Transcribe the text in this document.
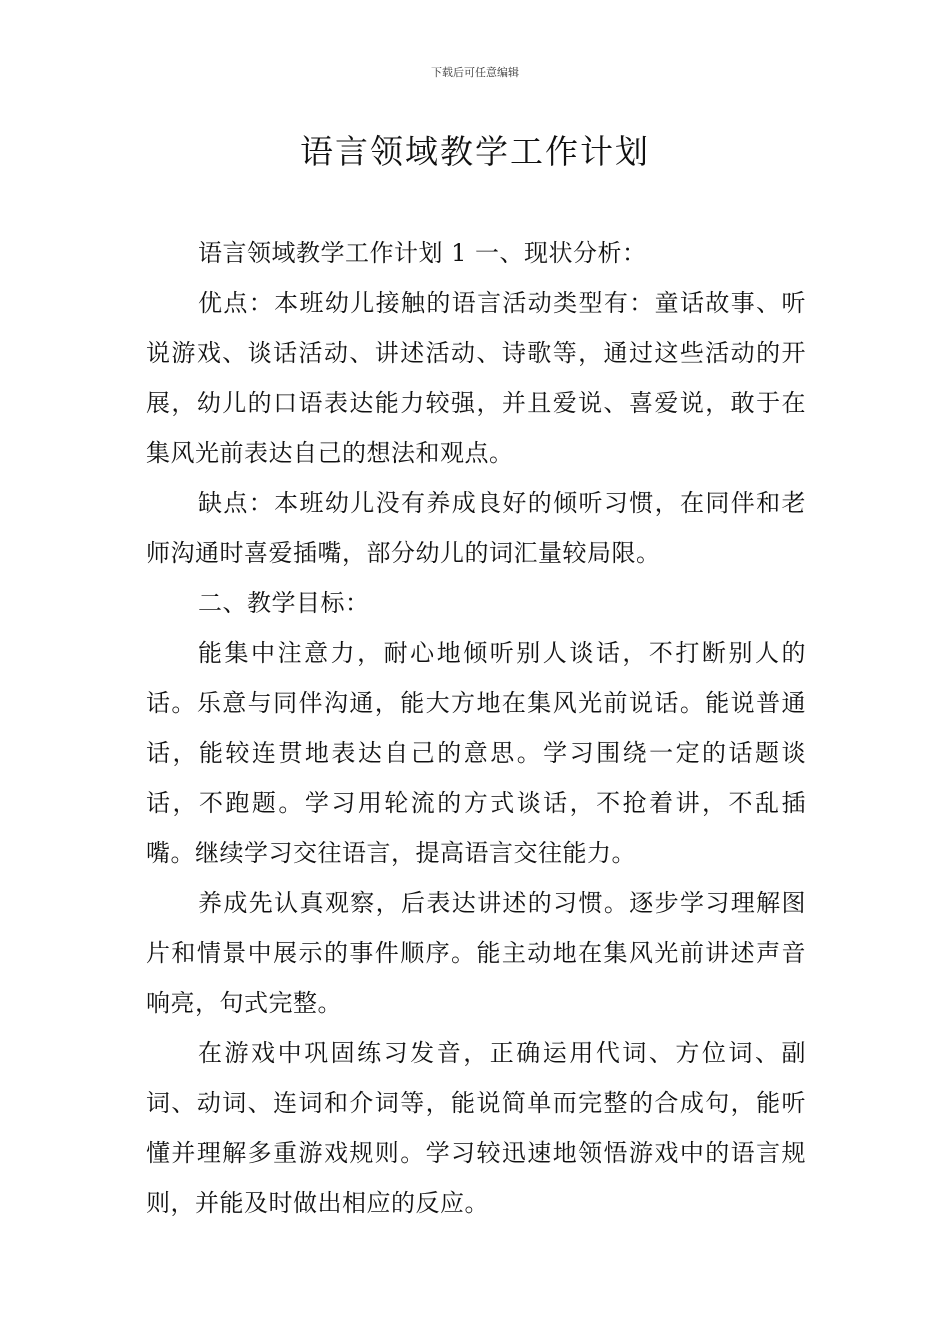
下载后可任意编辑
语言领域教学工作计划

语言领域教学工作计划 1 一、现状分析：

优点：本班幼儿接触的语言活动类型有：童话故事、听说游戏、谈话活动、讲述活动、诗歌等，通过这些活动的开展，幼儿的口语表达能力较强，并且爱说、喜爱说，敢于在集风光前表达自己的想法和观点。

缺点：本班幼儿没有养成良好的倾听习惯，在同伴和老师沟通时喜爱插嘴，部分幼儿的词汇量较局限。

二、教学目标：

能集中注意力，耐心地倾听别人谈话，不打断别人的话。乐意与同伴沟通，能大方地在集风光前说话。能说普通话，能较连贯地表达自己的意思。学习围绕一定的话题谈话，不跑题。学习用轮流的方式谈话，不抢着讲，不乱插嘴。继续学习交往语言，提高语言交往能力。

养成先认真观察，后表达讲述的习惯。逐步学习理解图片和情景中展示的事件顺序。能主动地在集风光前讲述声音响亮，句式完整。

在游戏中巩固练习发音，正确运用代词、方位词、副词、动词、连词和介词等，能说简单而完整的合成句，能听懂并理解多重游戏规则。学习较迅速地领悟游戏中的语言规则，并能及时做出相应的反应。
